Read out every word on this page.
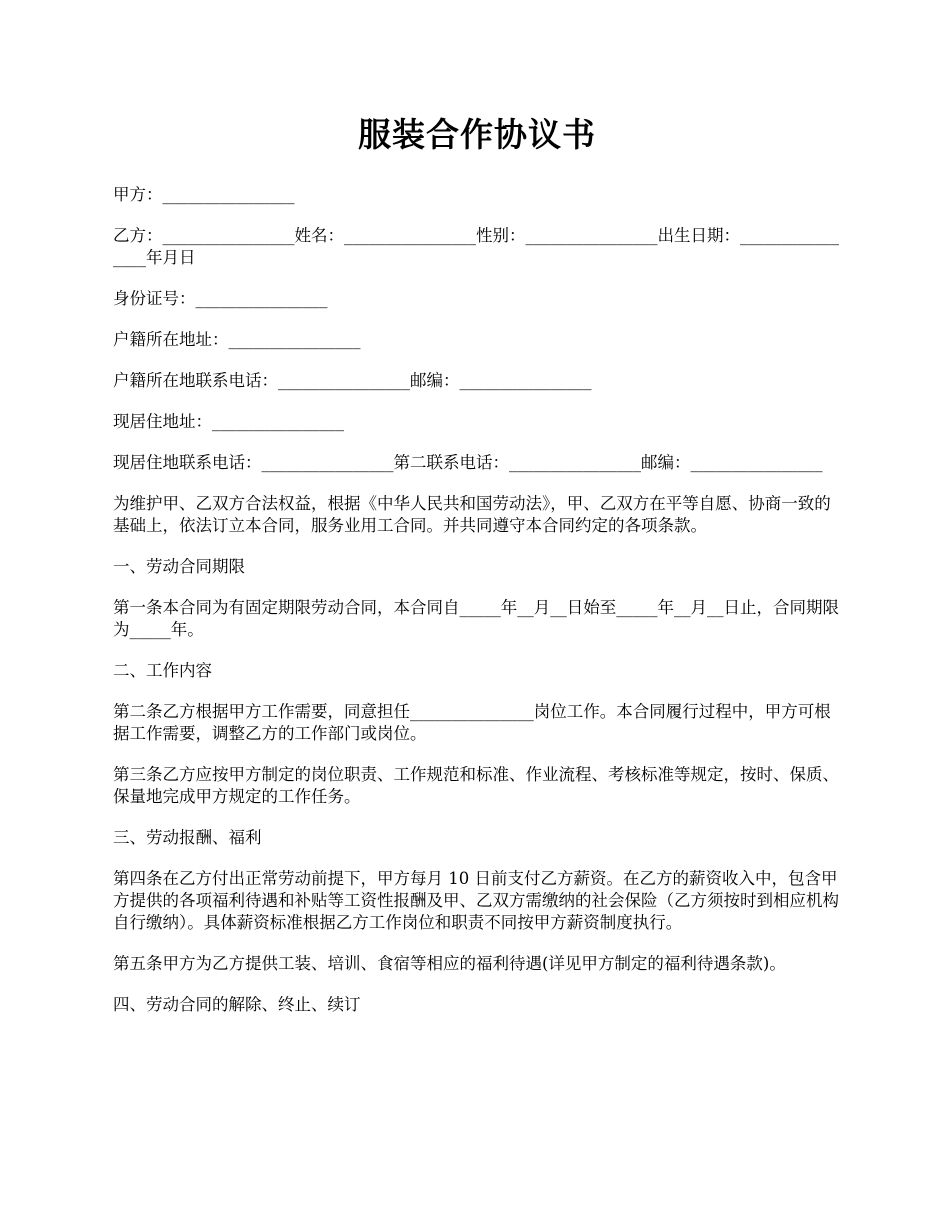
服装合作协议书

甲方：________________

乙方：________________姓名：________________性别：________________出生日期：________________年月日

身份证号：________________

户籍所在地址：________________

户籍所在地联系电话：________________邮编：________________

现居住地址：________________

现居住地联系电话：________________第二联系电话：________________邮编：________________

为维护甲、乙双方合法权益，根据《中华人民共和国劳动法》，甲、乙双方在平等自愿、协商一致的基础上，依法订立本合同，服务业用工合同。并共同遵守本合同约定的各项条款。

一、劳动合同期限

第一条本合同为有固定期限劳动合同，本合同自_____年__月__日始至_____年__月__日止，合同期限为_____年。

二、工作内容

第二条乙方根据甲方工作需要，同意担任_______________岗位工作。本合同履行过程中，甲方可根据工作需要，调整乙方的工作部门或岗位。

第三条乙方应按甲方制定的岗位职责、工作规范和标准、作业流程、考核标准等规定，按时、保质、保量地完成甲方规定的工作任务。

三、劳动报酬、福利

第四条在乙方付出正常劳动前提下，甲方每月 10 日前支付乙方薪资。在乙方的薪资收入中，包含甲方提供的各项福利待遇和补贴等工资性报酬及甲、乙双方需缴纳的社会保险（乙方须按时到相应机构自行缴纳）。具体薪资标准根据乙方工作岗位和职责不同按甲方薪资制度执行。

第五条甲方为乙方提供工装、培训、食宿等相应的福利待遇(详见甲方制定的福利待遇条款)。

四、劳动合同的解除、终止、续订
